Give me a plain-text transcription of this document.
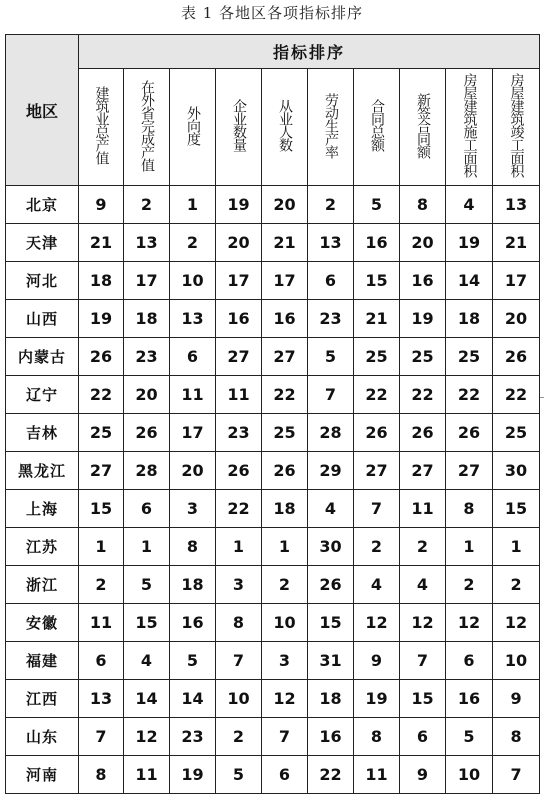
表 1 各地区各项指标排序
地区	指标排序									
	建筑业总产值	在外省完成产值	外向度	企业数量	从业人数	劳动生产率	合同总额	新签合同额	房屋建筑施工面积	房屋建筑竣工面积
北京	9	2	1	19	20	2	5	8	4	13
天津	21	13	2	20	21	13	16	20	19	21
河北	18	17	10	17	17	6	15	16	14	17
山西	19	18	13	16	16	23	21	19	18	20
内蒙古	26	23	6	27	27	5	25	25	25	26
辽宁	22	20	11	11	22	7	22	22	22	22
吉林	25	26	17	23	25	28	26	26	26	25
黑龙江	27	28	20	26	26	29	27	27	27	30
上海	15	6	3	22	18	4	7	11	8	15
江苏	1	1	8	1	1	30	2	2	1	1
浙江	2	5	18	3	2	26	4	4	2	2
安徽	11	15	16	8	10	15	12	12	12	12
福建	6	4	5	7	3	31	9	7	6	10
江西	13	14	14	10	12	18	19	15	16	9
山东	7	12	23	2	7	16	8	6	5	8
河南	8	11	19	5	6	22	11	9	10	7
